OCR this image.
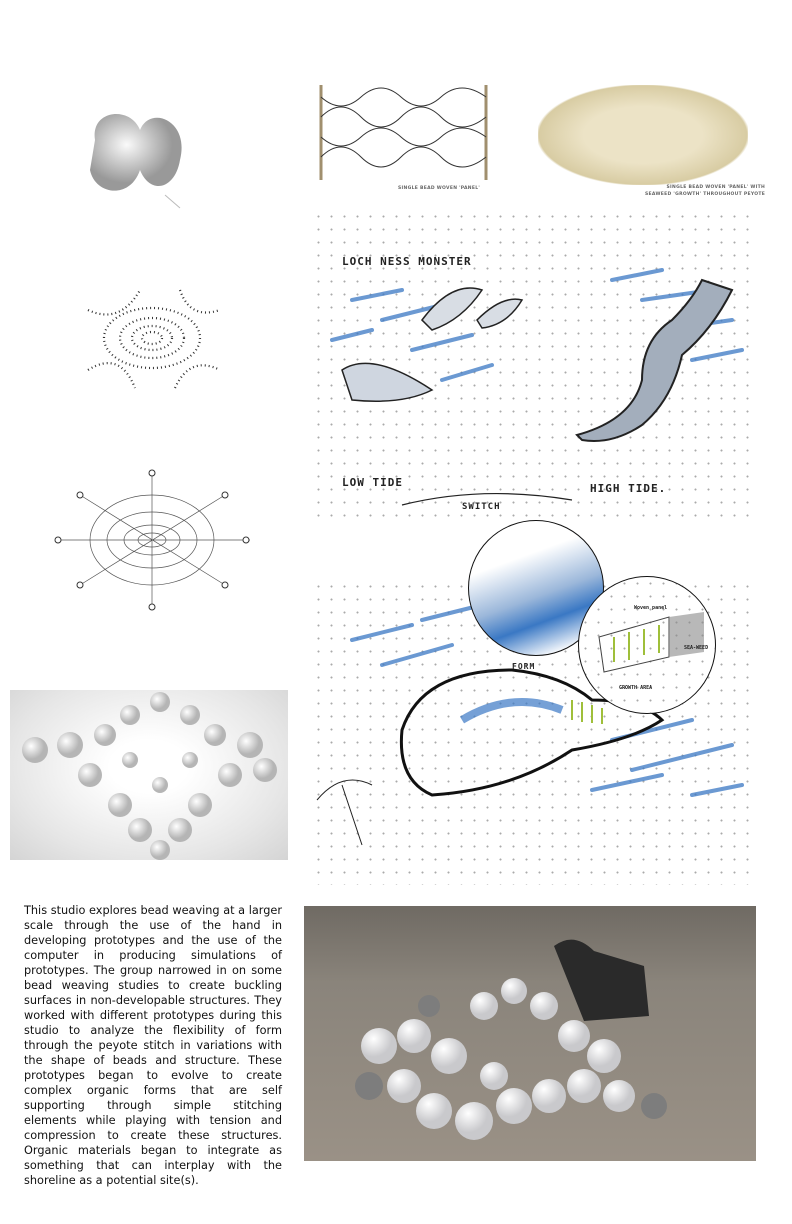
SINGLE BEAD WOVEN 'PANEL'	SINGLE BEAD WOVEN 'PANEL' WITH
SEAWEED 'GROWTH' THROUGHOUT PEYOTE
LOCH NESS MONSTER
LOW TIDE
SWITCH
HIGH TIDE.
FORM
Woven panel
SEA-WEED
GROWTH AREA
This studio explores bead weaving at a larger scale through the use of the hand in developing prototypes and the use of the computer in producing simulations of prototypes. The group narrowed in on some bead weaving studies to create buckling surfaces in non-developable structures. They worked with different prototypes during this studio to analyze the flexibility of form through the peyote stitch in variations with the shape of beads and structure. These prototypes began to evolve to create complex organic forms that are self supporting through simple stitching elements while playing with tension and compression to create these structures. Organic materials began to integrate as something that can interplay with the shoreline as a potential site(s).
